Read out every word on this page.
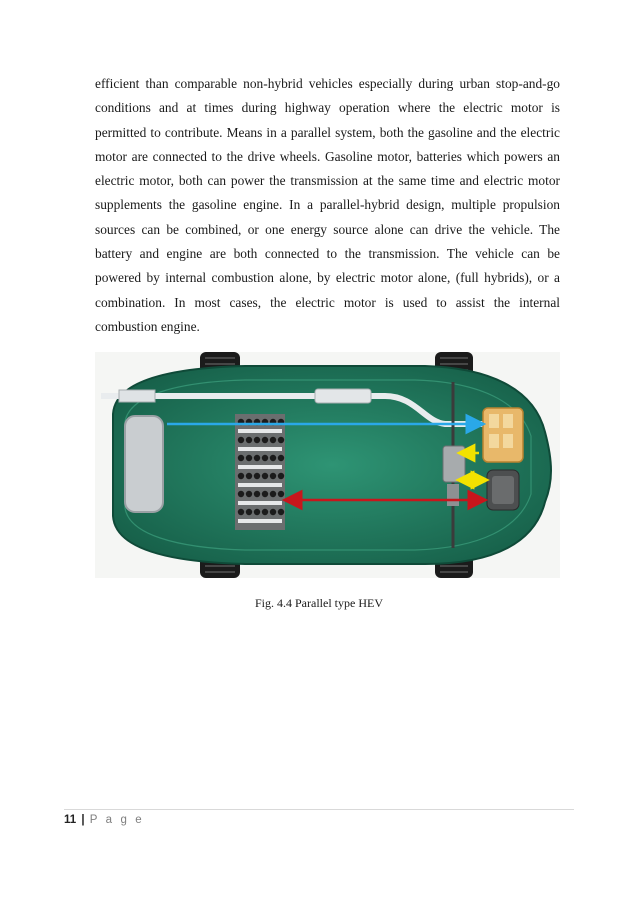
efficient than comparable non-hybrid vehicles especially during urban stop-and-go
conditions and at times during highway operation where the electric motor is
permitted to contribute. Means in a parallel system, both the gasoline and the electric
motor are connected to the drive wheels. Gasoline motor, batteries which powers an
electric motor, both can power the transmission at the same time and electric motor
supplements the gasoline engine. In a parallel-hybrid design, multiple propulsion
sources can be combined, or one energy source alone can drive the vehicle. The
battery and engine are both connected to the transmission. The vehicle can be
powered by internal combustion alone, by electric motor alone, (full hybrids), or a
combination. In most cases, the electric motor is used to assist the internal
combustion engine.
Fig. 4.4 Parallel type HEV
11 | P a g e
